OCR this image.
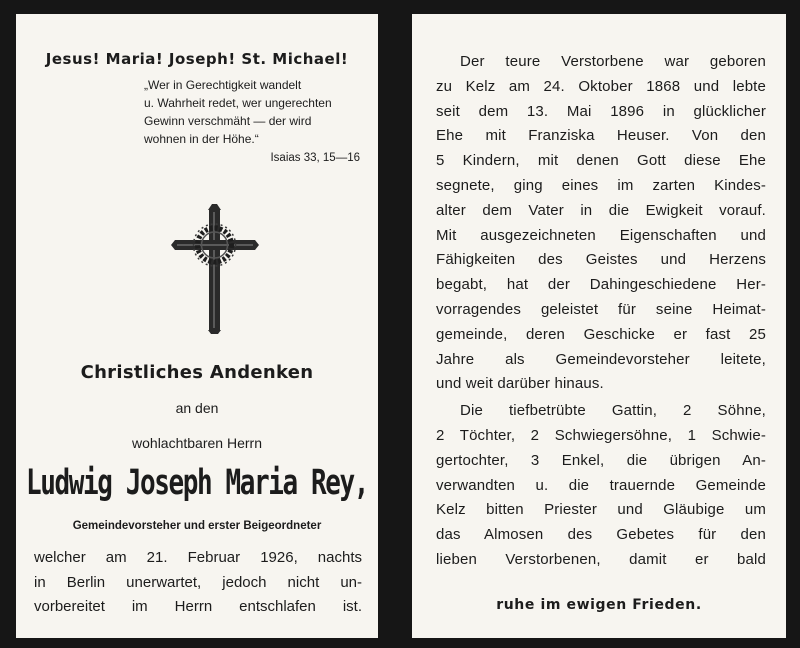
Jesus! Maria! Joseph! St. Michael!
„Wer in Gerechtigkeit wandelt
u. Wahrheit redet, wer ungerechten
Gewinn verschmäht — der wird
wohnen in der Höhe.“
Isaias 33, 15—16
Christliches Andenken
an den
wohlachtbaren Herrn
Ludwig Joseph Maria Rey,
Gemeindevorsteher und erster Beigeordneter
welcher am 21. Februar 1926, nachts
in Berlin unerwartet, jedoch nicht un-
vorbereitet im Herrn entschlafen ist.
Der teure Verstorbene war geboren
zu Kelz am 24. Oktober 1868 und lebte
seit dem 13. Mai 1896 in glücklicher
Ehe mit Franziska Heuser. Von den
5 Kindern, mit denen Gott diese Ehe
segnete, ging eines im zarten Kindes-
alter dem Vater in die Ewigkeit vorauf.
Mit ausgezeichneten Eigenschaften und
Fähigkeiten des Geistes und Herzens
begabt, hat der Dahingeschiedene Her-
vorragendes geleistet für seine Heimat-
gemeinde, deren Geschicke er fast 25
Jahre als Gemeindevorsteher leitete,
und weit darüber hinaus.
Die tiefbetrübte Gattin, 2 Söhne,
2 Töchter, 2 Schwiegersöhne, 1 Schwie-
gertochter, 3 Enkel, die übrigen An-
verwandten u. die trauernde Gemeinde
Kelz bitten Priester und Gläubige um
das Almosen des Gebetes für den
lieben Verstorbenen, damit er bald
ruhe im ewigen Frieden.
